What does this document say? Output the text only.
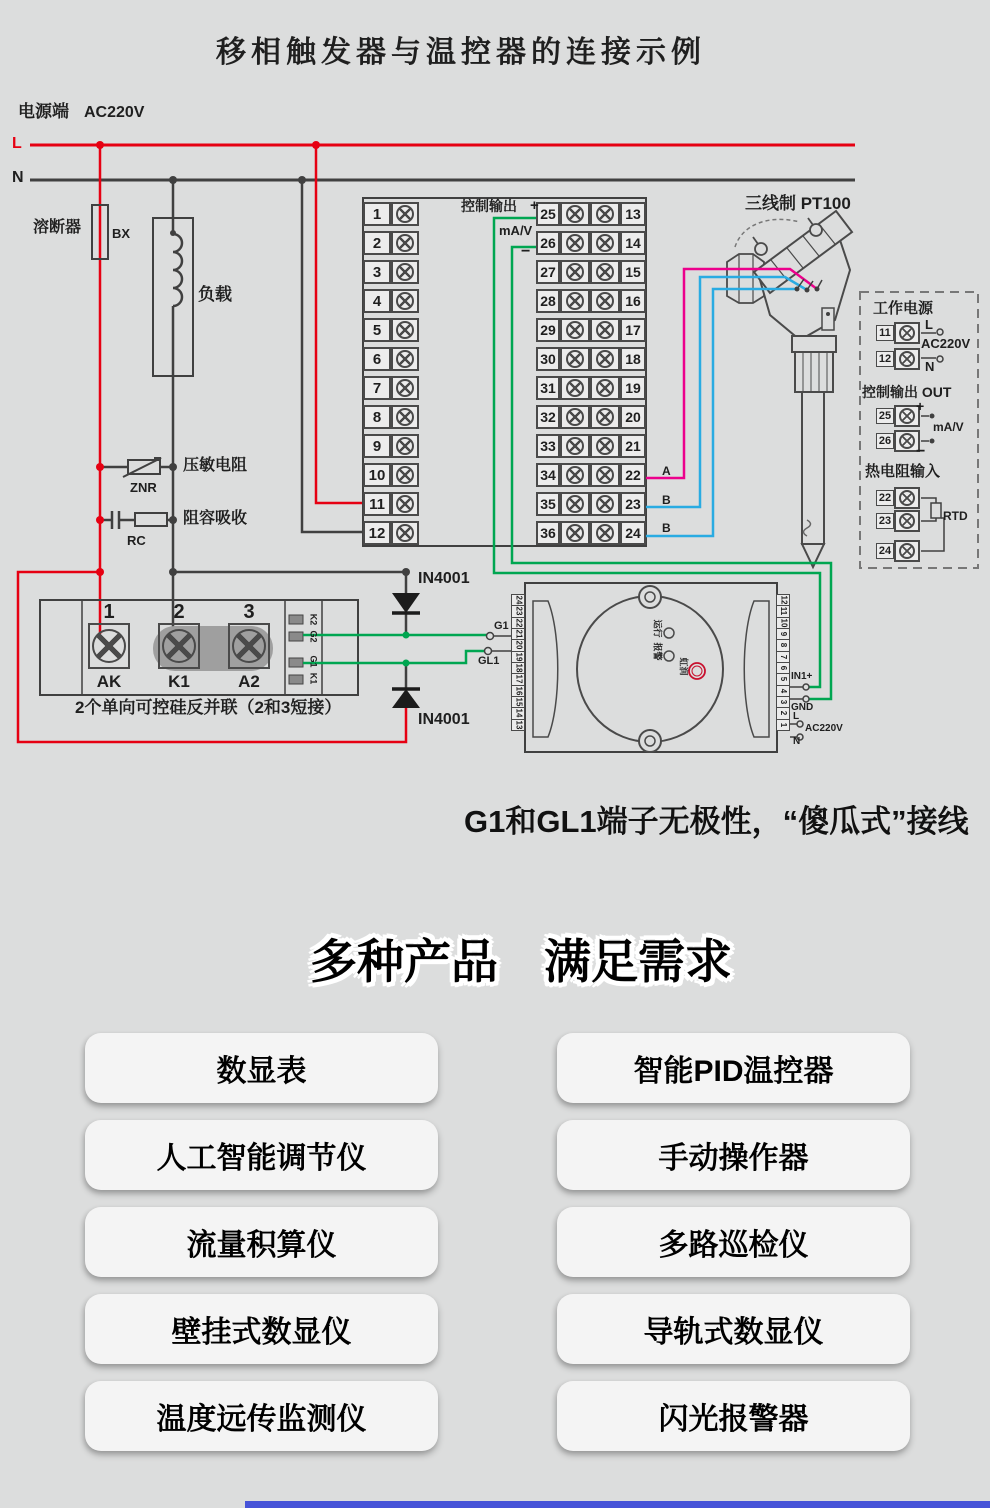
移相触发器与温控器的连接示例
电源端 AC220V
L
N
溶断器 BX
负载
压敏电阻
ZNR
阻容吸收
RC
IN4001
IN4001
1
2
3
4
5
6
7
8
9
10
11
12
25	13
26	14
27	15
28	16
29	17
30	18
31	19
32	20
33	21
34	22
35	23
36	24
控制输出 +
mA/V
−
A
B
B
三线制 PT100
1
AK
2
K1
3
A2
K2
G2
G1
K1
2个单向可控硅反并联（2和3短接）
24
23
22
21
20
19
18
17
16
15
14
13
12
11
10
9
8
7
6
5
4
3
2
1
G1
GL1
运行
报警
虹润
IN1+
GND
L
AC220V
N
工作电源
11
12
L
AC220V
N
控制输出 OUT
25
26
+
mA/V
−
热电阻输入
22
23
24
RTD
G1和GL1端子无极性，“傻瓜式”接线
多种产品 满足需求
数显表	智能PID温控器
人工智能调节仪	手动操作器
流量积算仪	多路巡检仪
壁挂式数显仪	导轨式数显仪
温度远传监测仪	闪光报警器
